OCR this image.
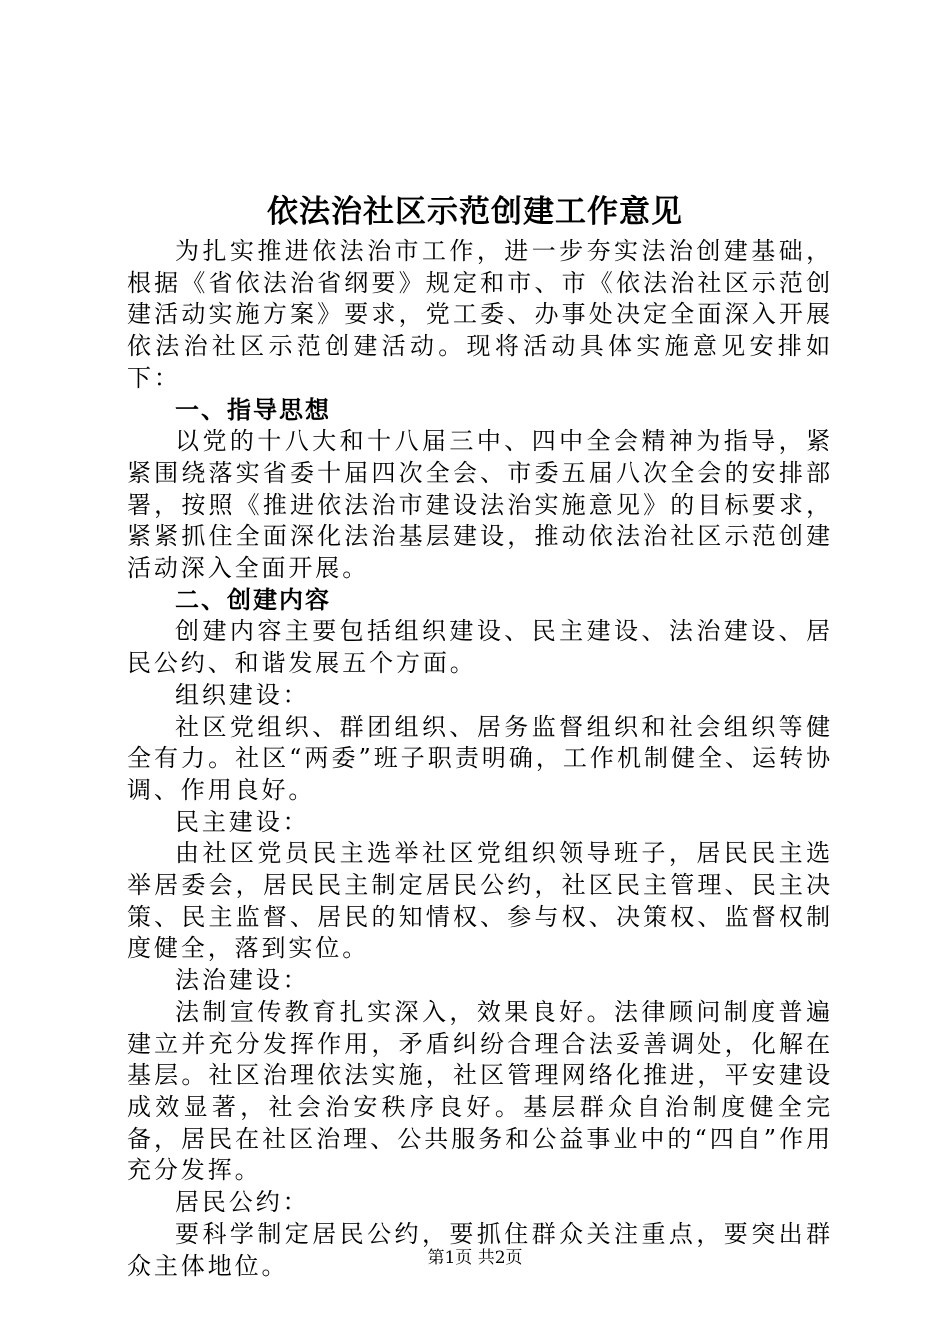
依法治社区示范创建工作意见

为扎实推进依法治市工作，进一步夯实法治创建基础，根据《省依法治省纲要》规定和市、市《依法治社区示范创建活动实施方案》要求，党工委、办事处决定全面深入开展依法治社区示范创建活动。现将活动具体实施意见安排如下：

一、指导思想

以党的十八大和十八届三中、四中全会精神为指导，紧紧围绕落实省委十届四次全会、市委五届八次全会的安排部署，按照《推进依法治市建设法治实施意见》的目标要求，紧紧抓住全面深化法治基层建设，推动依法治社区示范创建活动深入全面开展。

二、创建内容

创建内容主要包括组织建设、民主建设、法治建设、居民公约、和谐发展五个方面。

组织建设：

社区党组织、群团组织、居务监督组织和社会组织等健全有力。社区“两委”班子职责明确，工作机制健全、运转协调、作用良好。

民主建设：

由社区党员民主选举社区党组织领导班子，居民民主选举居委会，居民民主制定居民公约，社区民主管理、民主决策、民主监督、居民的知情权、参与权、决策权、监督权制度健全，落到实位。

法治建设：

法制宣传教育扎实深入，效果良好。法律顾问制度普遍建立并充分发挥作用，矛盾纠纷合理合法妥善调处，化解在基层。社区治理依法实施，社区管理网络化推进，平安建设成效显著，社会治安秩序良好。基层群众自治制度健全完备，居民在社区治理、公共服务和公益事业中的“四自”作用充分发挥。

居民公约：

要科学制定居民公约，要抓住群众关注重点，要突出群众主体地位。	第1页 共2页
